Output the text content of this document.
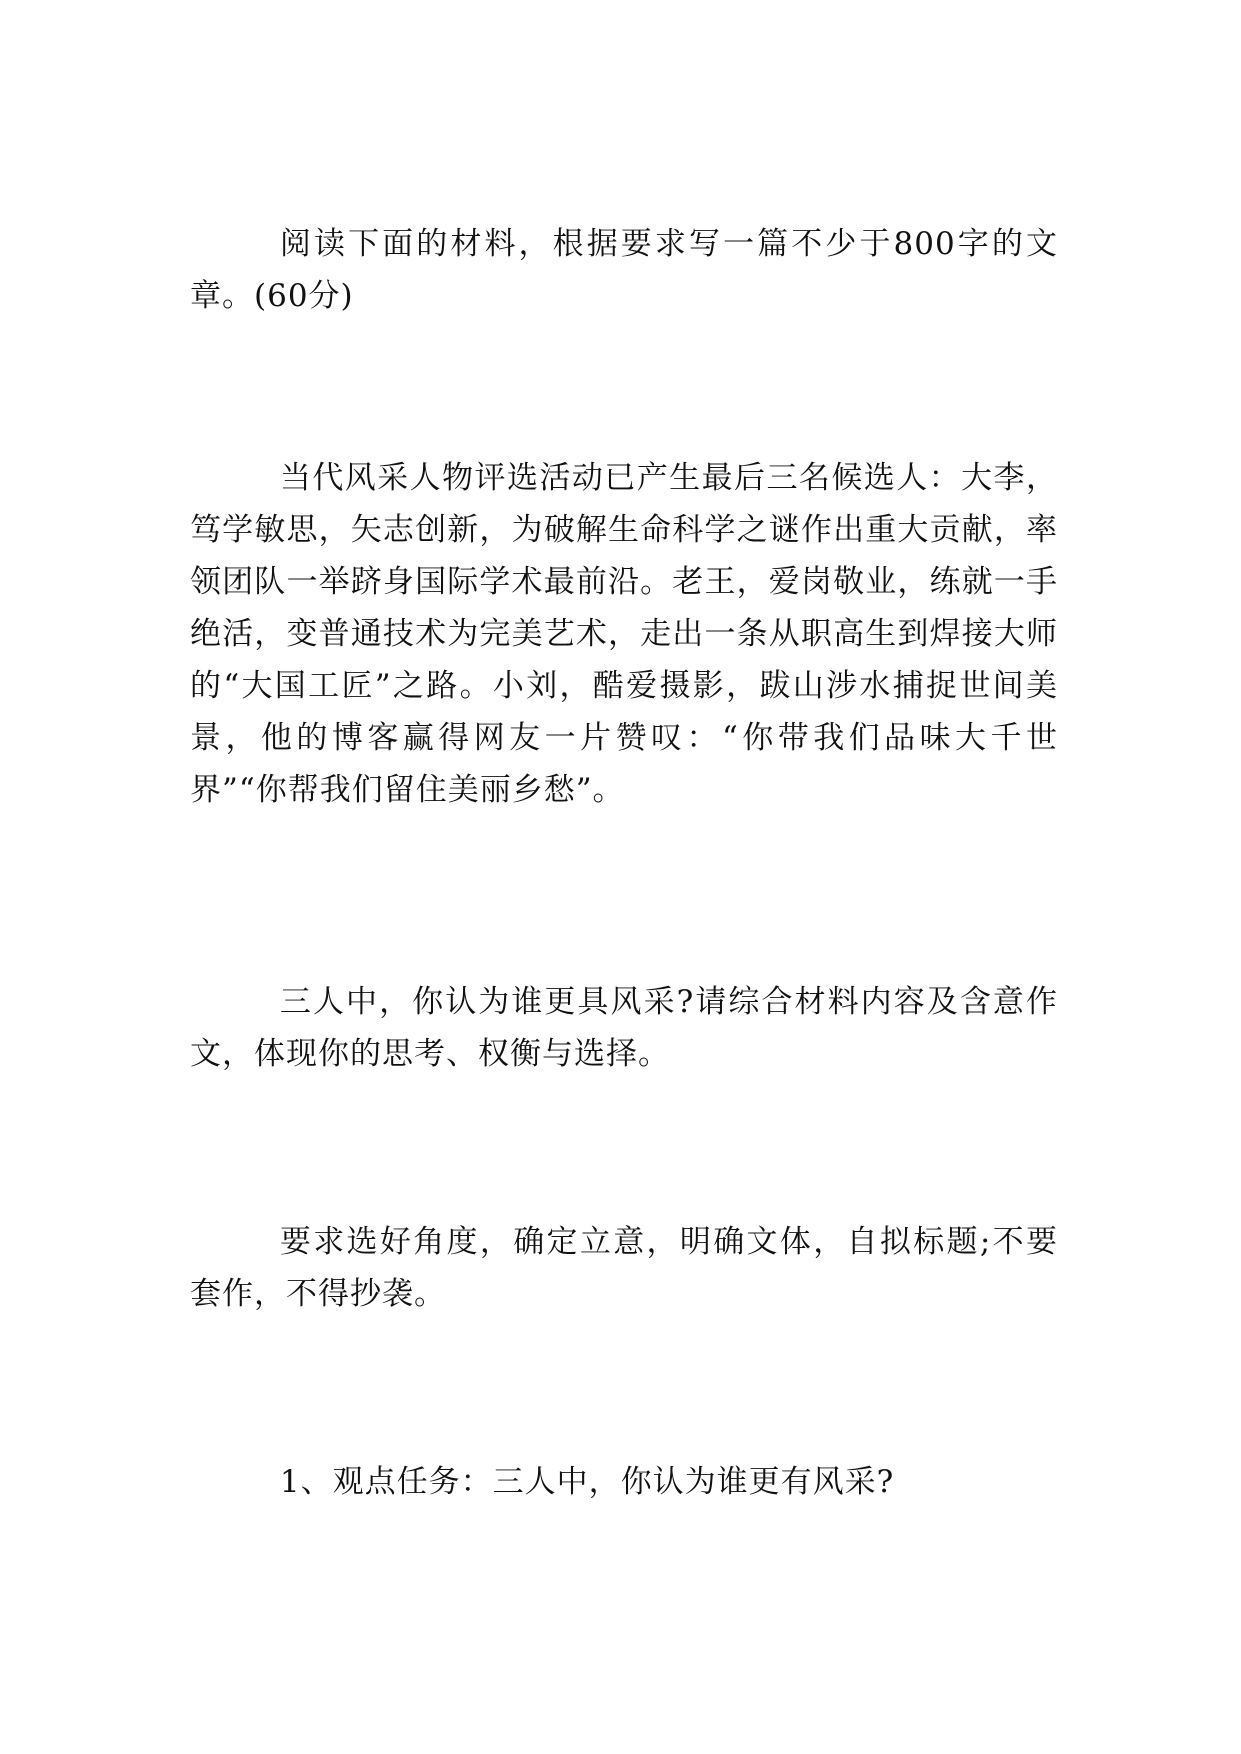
阅读下面的材料，根据要求写一篇不少于800字的文章。(60分)

当代风采人物评选活动已产生最后三名候选人：大李，笃学敏思，矢志创新，为破解生命科学之谜作出重大贡献，率领团队一举跻身国际学术最前沿。老王，爱岗敬业，练就一手绝活，变普通技术为完美艺术，走出一条从职高生到焊接大师的“大国工匠”之路。小刘，酷爱摄影，跋山涉水捕捉世间美景，他的博客赢得网友一片赞叹：“你带我们品味大千世界”“你帮我们留住美丽乡愁”。

三人中，你认为谁更具风采?请综合材料内容及含意作文，体现你的思考、权衡与选择。

要求选好角度，确定立意，明确文体，自拟标题;不要套作，不得抄袭。

1、观点任务：三人中，你认为谁更有风采?
